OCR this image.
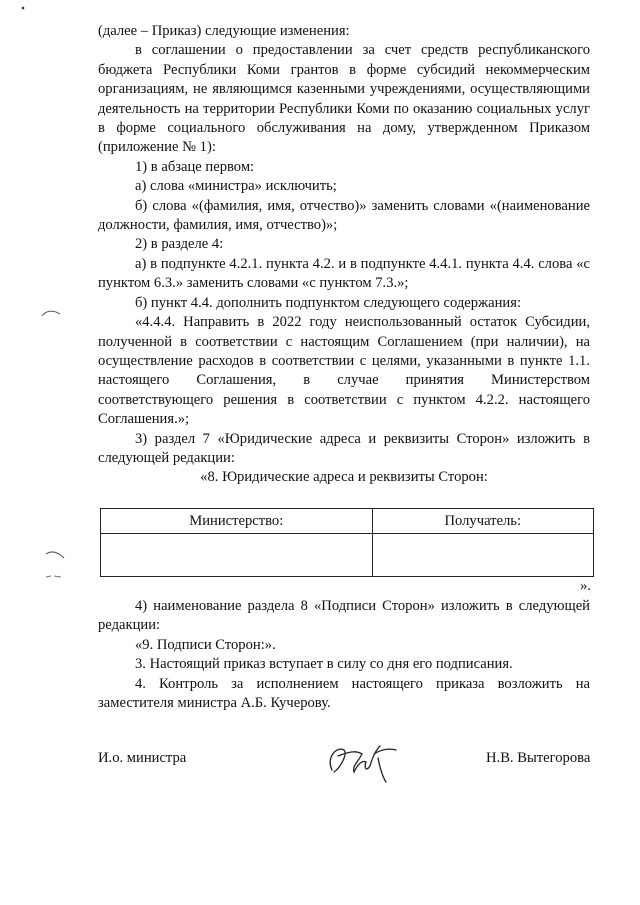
(далее – Приказ) следующие изменения:

в соглашении о предоставлении за счет средств республиканского бюджета Республики Коми грантов в форме субсидий некоммерческим организациям, не являющимся казенными учреждениями, осуществляющими деятельность на территории Республики Коми по оказанию социальных услуг в форме социального обслуживания на дому, утвержденном Приказом (приложение № 1):

1) в абзаце первом:

а) слова «министра» исключить;

б) слова «(фамилия, имя, отчество)» заменить словами «(наименование должности, фамилия, имя, отчество)»;

2) в разделе 4:

а) в подпункте 4.2.1. пункта 4.2. и в подпункте 4.4.1. пункта 4.4. слова «с пунктом 6.3.» заменить словами «с пунктом 7.3.»;

б) пункт 4.4. дополнить подпунктом следующего содержания:

«4.4.4. Направить в 2022 году неиспользованный остаток Субсидии, полученной в соответствии с настоящим Соглашением (при наличии), на осуществление расходов в соответствии с целями, указанными в пункте 1.1. настоящего Соглашения, в случае принятия Министерством соответствующего решения в соответствии с пунктом 4.2.2. настоящего Соглашения.»;

3) раздел 7 «Юридические адреса и реквизиты Сторон» изложить в следующей редакции:

«8. Юридические адреса и реквизиты Сторон:

Министерство:	Получатель:

».

4) наименование раздела 8 «Подписи Сторон» изложить в следующей редакции:

«9. Подписи Сторон:».

3. Настоящий приказ вступает в силу со дня его подписания.

4. Контроль за исполнением настоящего приказа возложить на заместителя министра А.Б. Кучерову.

И.о. министра	Н.В. Вытегорова
